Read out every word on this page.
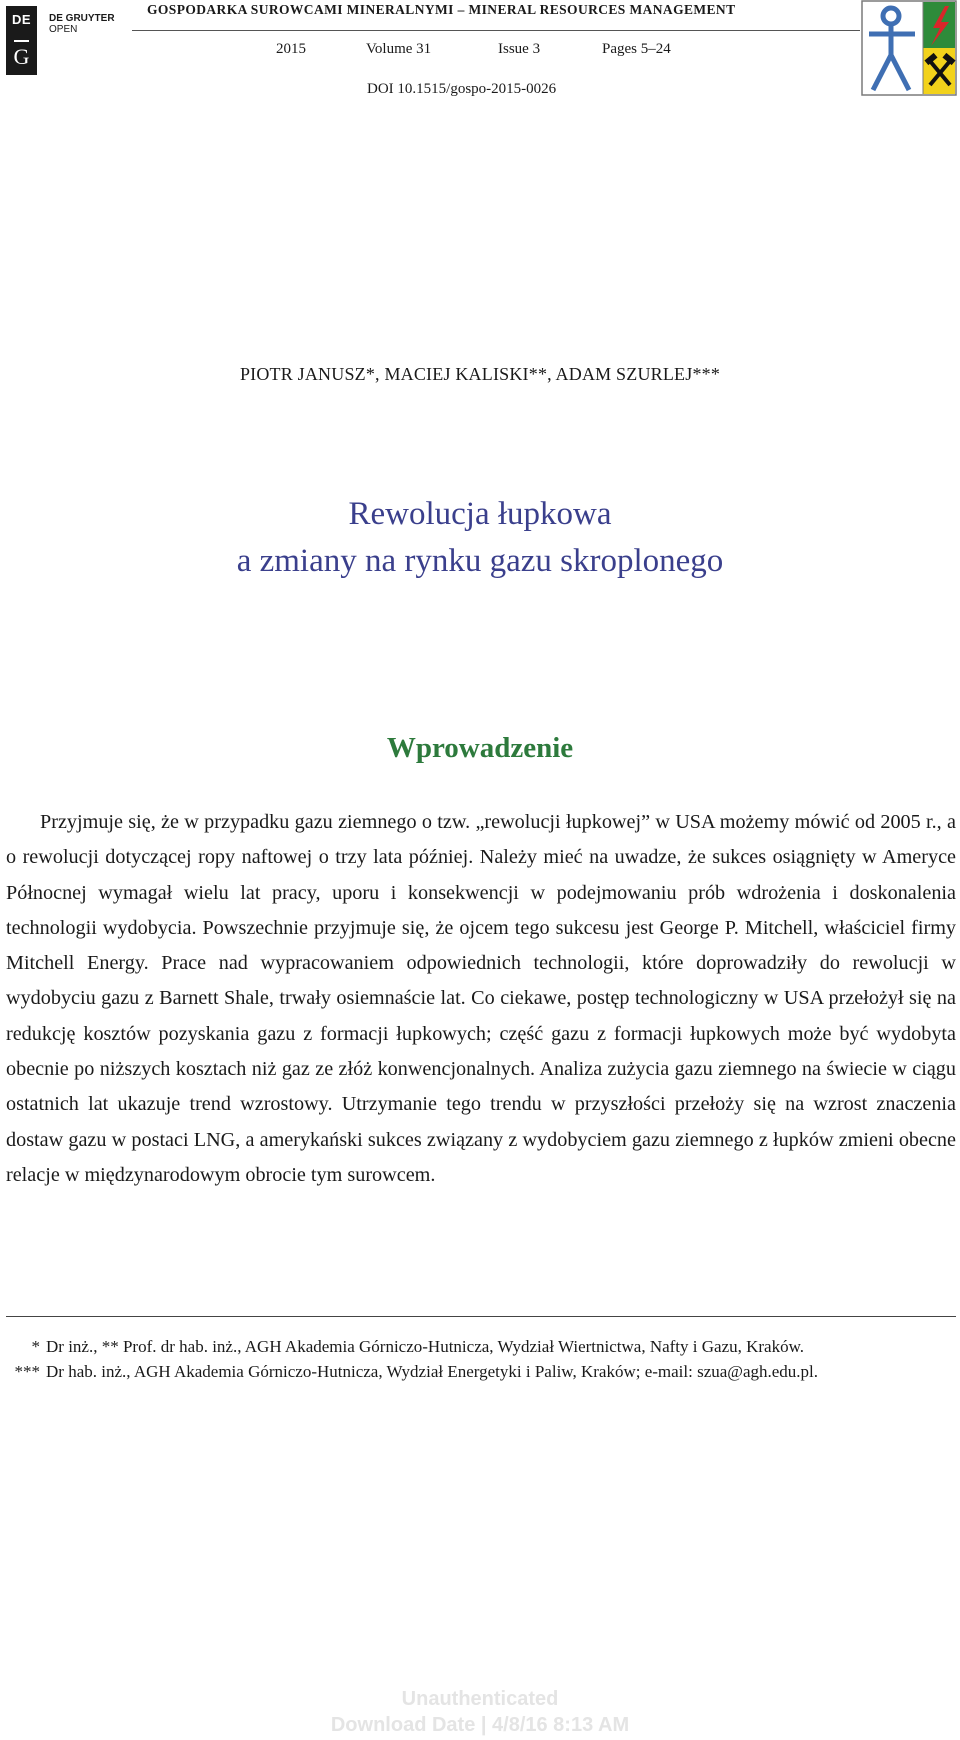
DE
G
DE GRUYTER
OPEN
GOSPODARKA SUROWCAMI MINERALNYMI – MINERAL RESOURCES MANAGEMENT
2015	Volume 31	Issue 3	Pages 5–24
DOI 10.1515/gospo-2015-0026
PIOTR JANUSZ*, MACIEJ KALISKI**, ADAM SZURLEJ***
Rewolucja łupkowa
a zmiany na rynku gazu skroplonego
Wprowadzenie

Przyjmuje się, że w przypadku gazu ziemnego o tzw. „rewolucji łupkowej” w USA możemy mówić od 2005 r., a o rewolucji dotyczącej ropy naftowej o trzy lata później. Należy mieć na uwadze, że sukces osiągnięty w Ameryce Północnej wymagał wielu lat pracy, uporu i konsekwencji w podejmowaniu prób wdrożenia i doskonalenia technologii wydobycia. Powszechnie przyjmuje się, że ojcem tego sukcesu jest George P. Mitchell, właściciel firmy Mitchell Energy. Prace nad wypracowaniem odpowiednich technologii, które doprowadziły do rewolucji w wydobyciu gazu z Barnett Shale, trwały osiemnaście lat. Co ciekawe, postęp technologiczny w USA przełożył się na redukcję kosztów pozyskania gazu z formacji łupkowych; część gazu z formacji łupkowych może być wydobyta obecnie po niższych kosztach niż gaz ze złóż konwencjonalnych. Analiza zużycia gazu ziemnego na świecie w ciągu ostatnich lat ukazuje trend wzrostowy. Utrzymanie tego trendu w przyszłości przełoży się na wzrost znaczenia dostaw gazu w postaci LNG, a amerykański sukces związany z wydobyciem gazu ziemnego z łupków zmieni obecne relacje w międzynarodowym obrocie tym surowcem.

* Dr inż., ** Prof. dr hab. inż., AGH Akademia Górniczo-Hutnicza, Wydział Wiertnictwa, Nafty i Gazu, Kraków.
*** Dr hab. inż., AGH Akademia Górniczo-Hutnicza, Wydział Energetyki i Paliw, Kraków; e-mail: szua@agh.edu.pl.
Unauthenticated
Download Date | 4/8/16 8:13 AM
